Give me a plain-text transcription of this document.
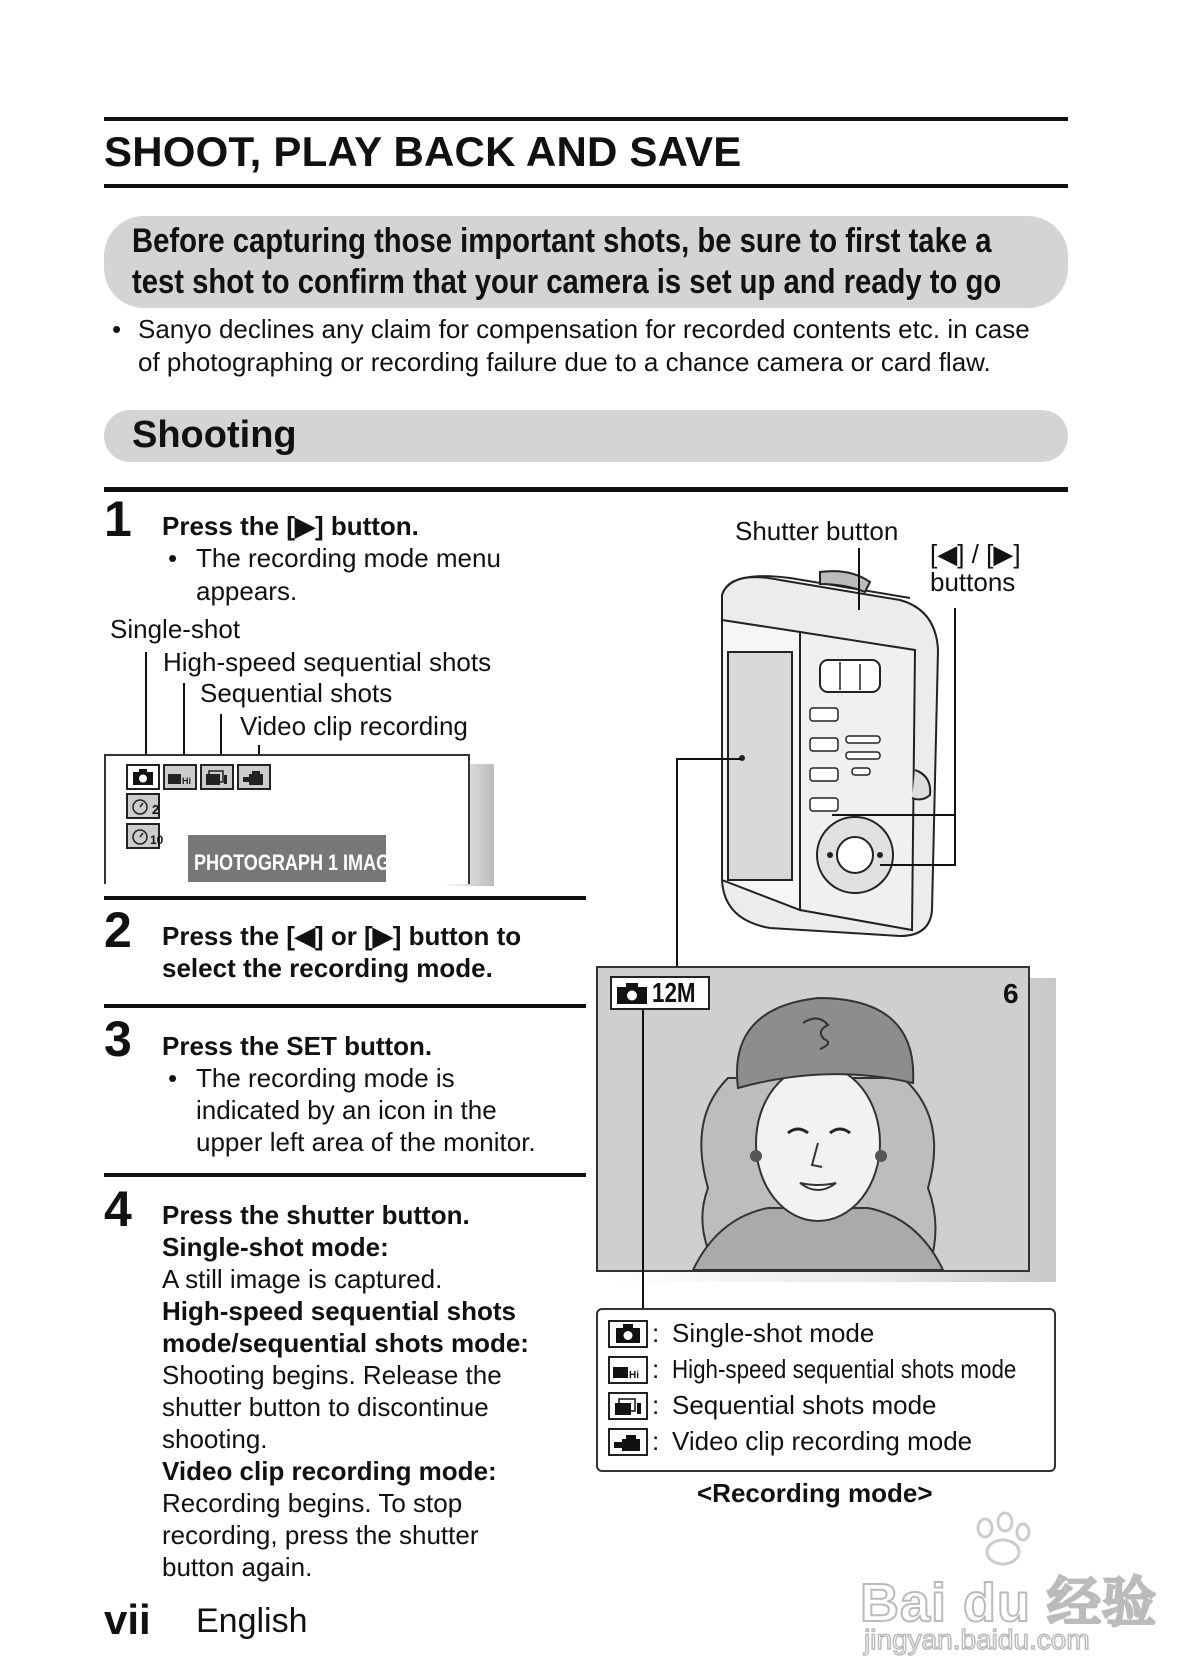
SHOOT, PLAY BACK AND SAVE
Before capturing those important shots, be sure to first take a
test shot to confirm that your camera is set up and ready to go
• Sanyo declines any claim for compensation for recorded contents etc. in case
of photographing or recording failure due to a chance camera or card flaw.
Shooting
1 Press the [▶] button.
• The recording mode menu
appears.
Single-shot
High-speed sequential shots
Sequential shots
Video clip recording
Hi
2
10
PHOTOGRAPH 1 IMAGE
2 Press the [◀] or [▶] button to
select the recording mode.
3 Press the SET button.
• The recording mode is
indicated by an icon in the
upper left area of the monitor.
4 Press the shutter button.
Single-shot mode:
A still image is captured.
High-speed sequential shots
mode/sequential shots mode:
Shooting begins. Release the
shutter button to discontinue
shooting.
Video clip recording mode:
Recording begins. To stop
recording, press the shutter
button again.
Shutter button
[◀] / [▶]
buttons
12M	6
: Single-shot mode
Hi : High-speed sequential shots mode
: Sequential shots mode
: Video clip recording mode
<Recording mode>
vii English	Bai du 经验
jingyan.baidu.com
